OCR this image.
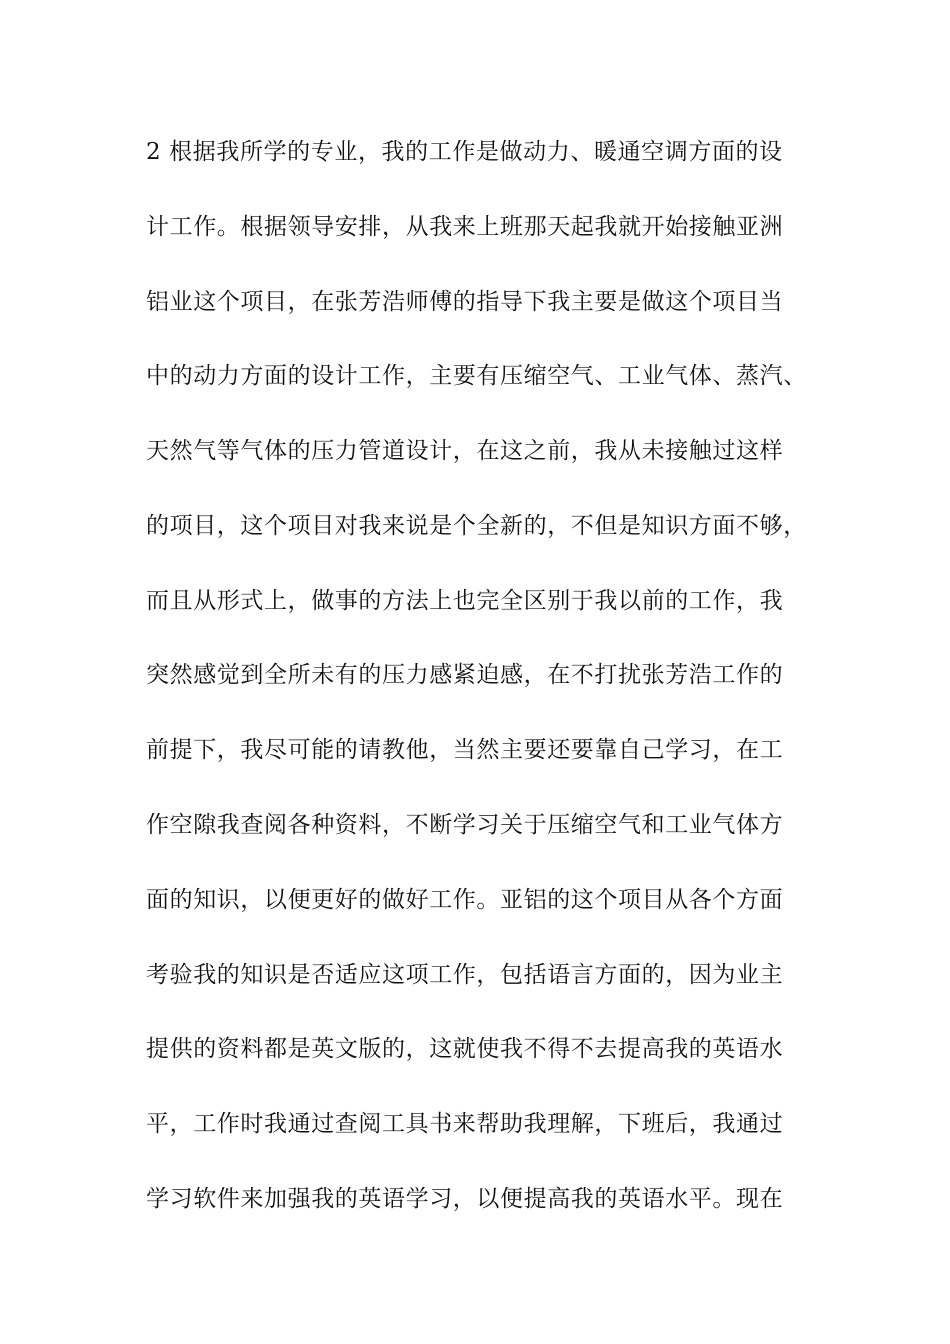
2 根据我所学的专业，我的工作是做动力、暖通空调方面的设
计工作。根据领导安排，从我来上班那天起我就开始接触亚洲
铝业这个项目，在张芳浩师傅的指导下我主要是做这个项目当
中的动力方面的设计工作，主要有压缩空气、工业气体、蒸汽、
天然气等气体的压力管道设计，在这之前，我从未接触过这样
的项目，这个项目对我来说是个全新的，不但是知识方面不够，
而且从形式上，做事的方法上也完全区别于我以前的工作，我
突然感觉到全所未有的压力感紧迫感，在不打扰张芳浩工作的
前提下，我尽可能的请教他，当然主要还要靠自己学习，在工
作空隙我查阅各种资料，不断学习关于压缩空气和工业气体方
面的知识，以便更好的做好工作。亚铝的这个项目从各个方面
考验我的知识是否适应这项工作，包括语言方面的，因为业主
提供的资料都是英文版的，这就使我不得不去提高我的英语水
平，工作时我通过查阅工具书来帮助我理解，下班后，我通过
学习软件来加强我的英语学习，以便提高我的英语水平。现在
